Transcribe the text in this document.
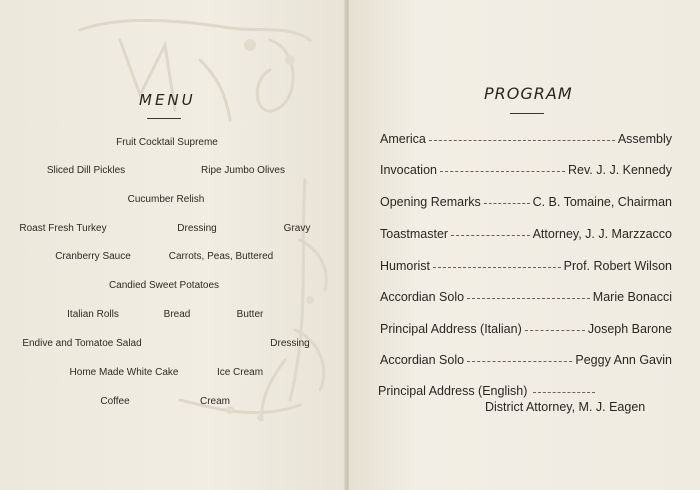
MENU
Fruit Cocktail Supreme
Sliced Dill Pickles	Ripe Jumbo Olives
Cucumber Relish
Roast Fresh Turkey	Dressing	Gravy
Cranberry Sauce	Carrots, Peas, Buttered
Candied Sweet Potatoes
Italian Rolls	Bread	Butter
Endive and Tomatoe Salad	Dressing
Home Made White Cake	Ice Cream
Coffee	Cream
PROGRAM
America	Assembly
Invocation	Rev. J. J. Kennedy
Opening Remarks	C. B. Tomaine, Chairman
Toastmaster	Attorney, J. J. Marzzacco
Humorist	Prof. Robert Wilson
Accordian Solo	Marie Bonacci
Principal Address (Italian)	Joseph Barone
Accordian Solo	Peggy Ann Gavin
Principal Address (English)
District Attorney, M. J. Eagen
